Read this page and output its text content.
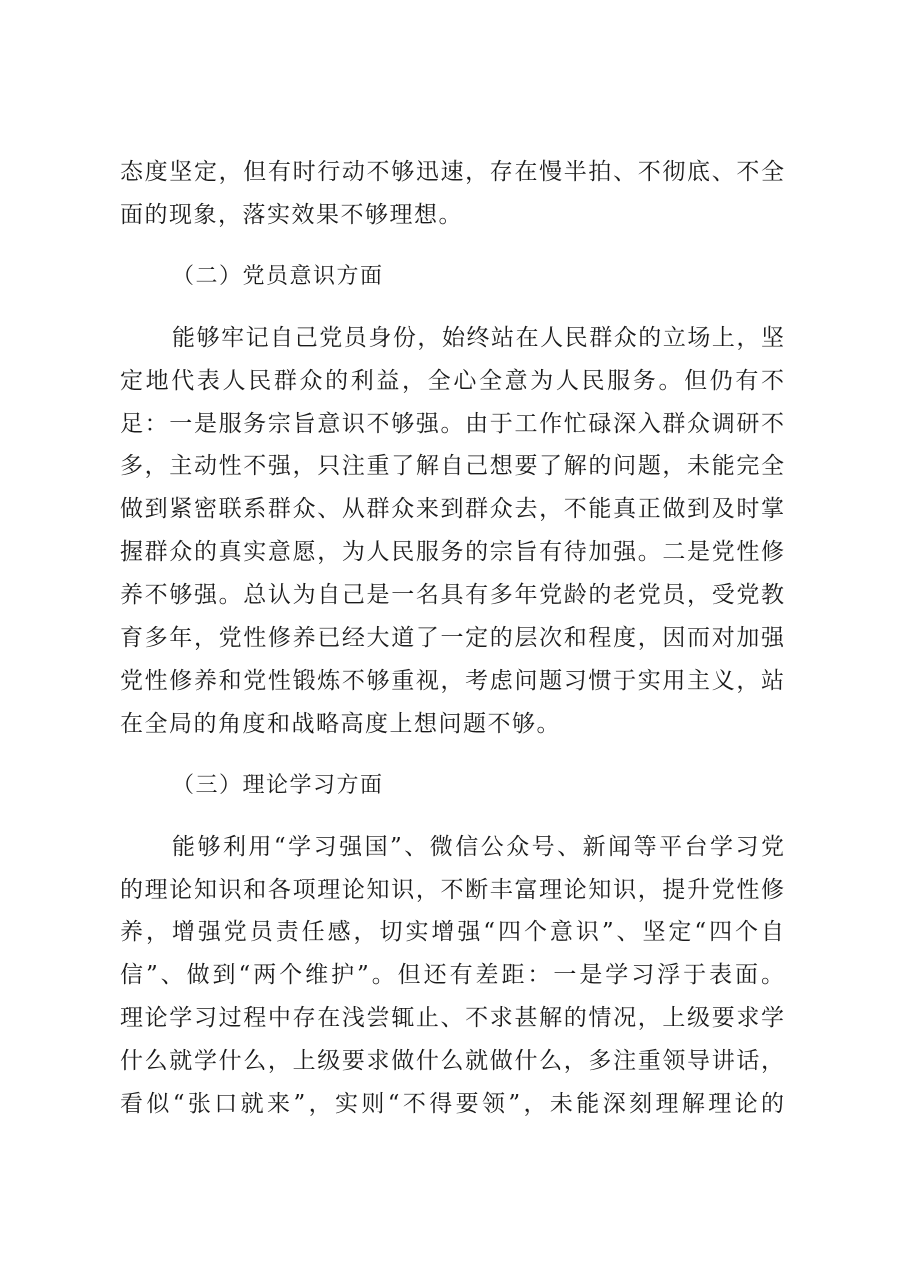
态度坚定，但有时行动不够迅速，存在慢半拍、不彻底、不全
面的现象，落实效果不够理想。
（二）党员意识方面
能够牢记自己党员身份，始终站在人民群众的立场上，坚
定地代表人民群众的利益，全心全意为人民服务。但仍有不
足：一是服务宗旨意识不够强。由于工作忙碌深入群众调研不
多，主动性不强，只注重了解自己想要了解的问题，未能完全
做到紧密联系群众、从群众来到群众去，不能真正做到及时掌
握群众的真实意愿，为人民服务的宗旨有待加强。二是党性修
养不够强。总认为自己是一名具有多年党龄的老党员，受党教
育多年，党性修养已经大道了一定的层次和程度，因而对加强
党性修养和党性锻炼不够重视，考虑问题习惯于实用主义，站
在全局的角度和战略高度上想问题不够。
（三）理论学习方面
能够利用“学习强国”、微信公众号、新闻等平台学习党
的理论知识和各项理论知识，不断丰富理论知识，提升党性修
养，增强党员责任感，切实增强“四个意识”、坚定“四个自
信”、做到“两个维护”。但还有差距：一是学习浮于表面。
理论学习过程中存在浅尝辄止、不求甚解的情况，上级要求学
什么就学什么，上级要求做什么就做什么，多注重领导讲话，
看似“张口就来”，实则“不得要领”，未能深刻理解理论的
